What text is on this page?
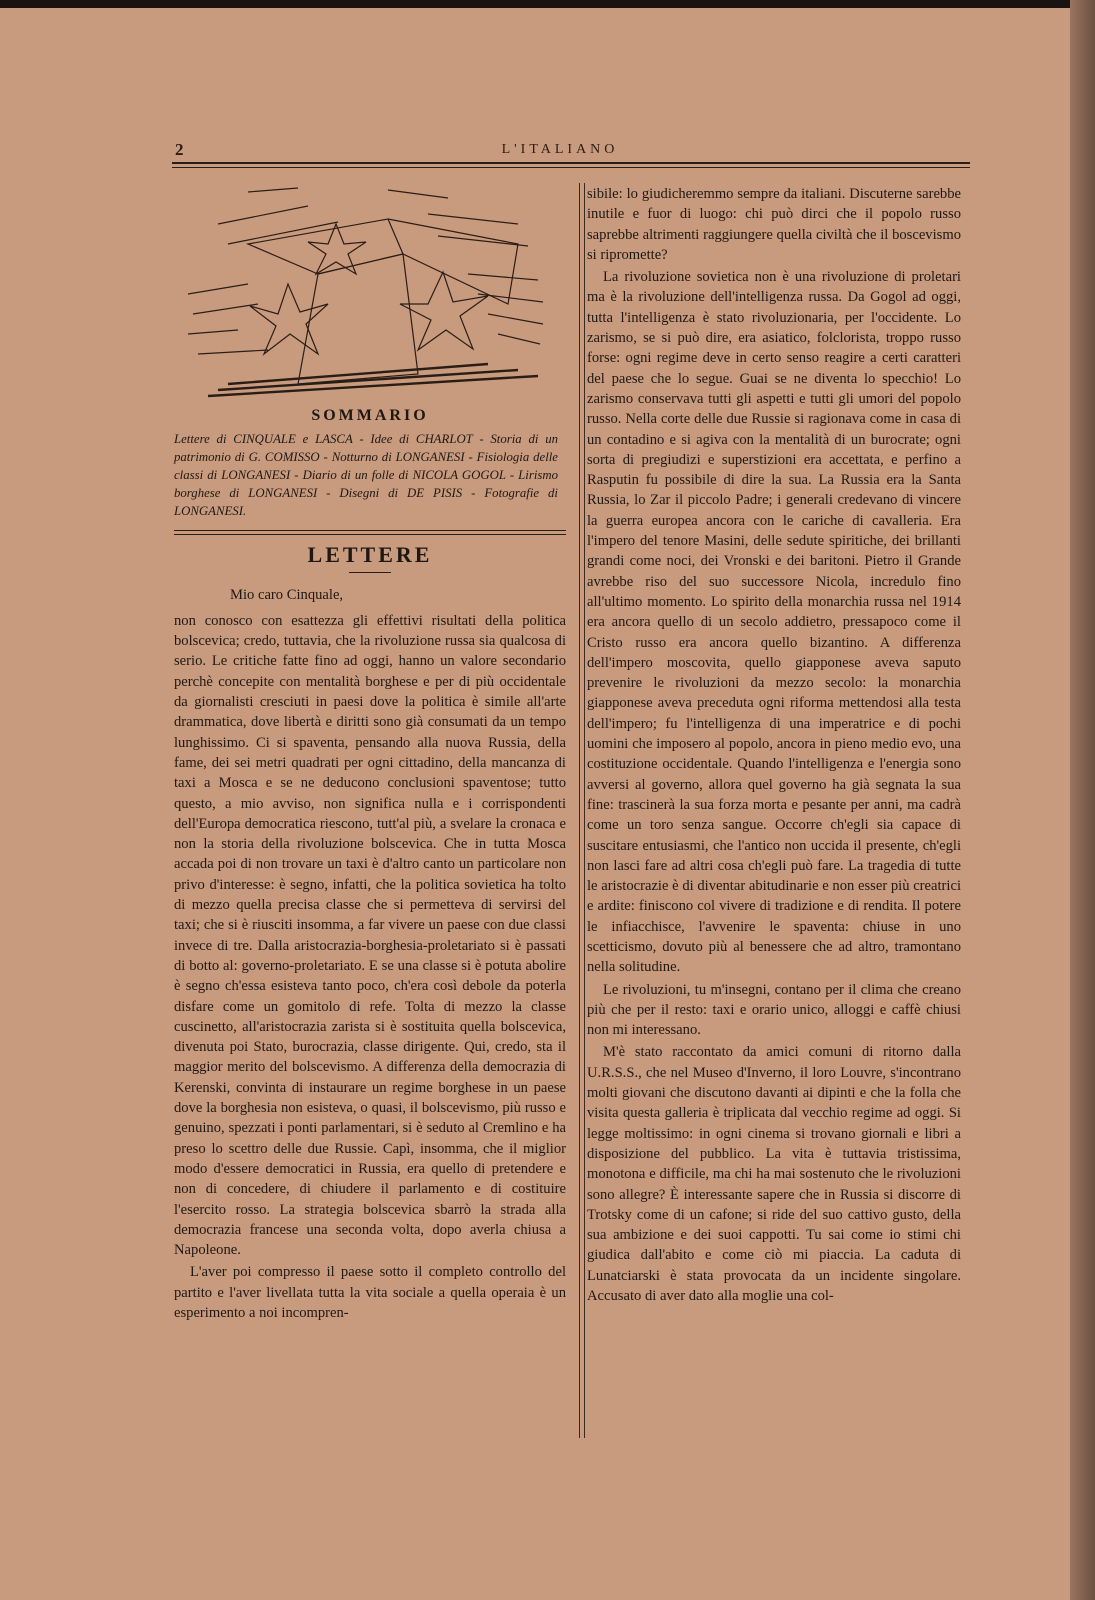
2	L'ITALIANO
SOMMARIO
Lettere di CINQUALE e LASCA - Idee di CHARLOT - Storia di un patrimonio di G. COMISSO - Notturno di LONGANESI - Fisiologia delle classi di LONGANESI - Diario di un folle di NICOLA GOGOL - Lirismo borghese di LONGANESI - Disegni di DE PISIS - Fotografie di LONGANESI.
LETTERE

Mio caro Cinquale,

non conosco con esattezza gli effettivi risultati della politica bolscevica; credo, tuttavia, che la rivoluzione russa sia qualcosa di serio. Le critiche fatte fino ad oggi, hanno un valore secondario perchè concepite con mentalità borghese e per di più occidentale da giornalisti cresciuti in paesi dove la politica è simile all'arte drammatica, dove libertà e diritti sono già consumati da un tempo lunghissimo. Ci si spaventa, pensando alla nuova Russia, della fame, dei sei metri quadrati per ogni cittadino, della mancanza di taxi a Mosca e se ne deducono conclusioni spaventose; tutto questo, a mio avviso, non significa nulla e i corrispondenti dell'Europa democratica riescono, tutt'al più, a svelare la cronaca e non la storia della rivoluzione bolscevica. Che in tutta Mosca accada poi di non trovare un taxi è d'altro canto un particolare non privo d'interesse: è segno, infatti, che la politica sovietica ha tolto di mezzo quella precisa classe che si permetteva di servirsi del taxi; che si è riusciti insomma, a far vivere un paese con due classi invece di tre. Dalla aristocrazia-borghesia-proletariato si è passati di botto al: governo-proletariato. E se una classe si è potuta abolire è segno ch'essa esisteva tanto poco, ch'era così debole da poterla disfare come un gomitolo di refe. Tolta di mezzo la classe cuscinetto, all'aristocrazia zarista si è sostituita quella bolscevica, divenuta poi Stato, burocrazia, classe dirigente. Qui, credo, sta il maggior merito del bolscevismo. A differenza della democrazia di Kerenski, convinta di instaurare un regime borghese in un paese dove la borghesia non esisteva, o quasi, il bolscevismo, più russo e genuino, spezzati i ponti parlamentari, si è seduto al Cremlino e ha preso lo scettro delle due Russie. Capì, insomma, che il miglior modo d'essere democratici in Russia, era quello di pretendere e non di concedere, di chiudere il parlamento e di costituire l'esercito rosso. La strategia bolscevica sbarrò la strada alla democrazia francese una seconda volta, dopo averla chiusa a Napoleone.

L'aver poi compresso il paese sotto il completo controllo del partito e l'aver livellata tutta la vita sociale a quella operaia è un esperimento a noi incompren-

sibile: lo giudicheremmo sempre da italiani. Discuterne sarebbe inutile e fuor di luogo: chi può dirci che il popolo russo saprebbe altrimenti raggiungere quella civiltà che il boscevismo si ripromette?

La rivoluzione sovietica non è una rivoluzione di proletari ma è la rivoluzione dell'intelligenza russa. Da Gogol ad oggi, tutta l'intelligenza è stato rivoluzionaria, per l'occidente. Lo zarismo, se si può dire, era asiatico, folclorista, troppo russo forse: ogni regime deve in certo senso reagire a certi caratteri del paese che lo segue. Guai se ne diventa lo specchio! Lo zarismo conservava tutti gli aspetti e tutti gli umori del popolo russo. Nella corte delle due Russie si ragionava come in casa di un contadino e si agiva con la mentalità di un burocrate; ogni sorta di pregiudizi e superstizioni era accettata, e perfino a Rasputin fu possibile di dire la sua. La Russia era la Santa Russia, lo Zar il piccolo Padre; i generali credevano di vincere la guerra europea ancora con le cariche di cavalleria. Era l'impero del tenore Masini, delle sedute spiritiche, dei brillanti grandi come noci, dei Vronski e dei baritoni. Pietro il Grande avrebbe riso del suo successore Nicola, incredulo fino all'ultimo momento. Lo spirito della monarchia russa nel 1914 era ancora quello di un secolo addietro, pressapoco come il Cristo russo era ancora quello bizantino. A differenza dell'impero moscovita, quello giapponese aveva saputo prevenire le rivoluzioni da mezzo secolo: la monarchia giapponese aveva preceduta ogni riforma mettendosi alla testa dell'impero; fu l'intelligenza di una imperatrice e di pochi uomini che imposero al popolo, ancora in pieno medio evo, una costituzione occidentale. Quando l'intelligenza e l'energia sono avversi al governo, allora quel governo ha già segnata la sua fine: trascinerà la sua forza morta e pesante per anni, ma cadrà come un toro senza sangue. Occorre ch'egli sia capace di suscitare entusiasmi, che l'antico non uccida il presente, ch'egli non lasci fare ad altri cosa ch'egli può fare. La tragedia di tutte le aristocrazie è di diventar abitudinarie e non esser più creatrici e ardite: finiscono col vivere di tradizione e di rendita. Il potere le infiacchisce, l'avvenire le spaventa: chiuse in uno scetticismo, dovuto più al benessere che ad altro, tramontano nella solitudine.

Le rivoluzioni, tu m'insegni, contano per il clima che creano più che per il resto: taxi e orario unico, alloggi e caffè chiusi non mi interessano.

M'è stato raccontato da amici comuni di ritorno dalla U.R.S.S., che nel Museo d'Inverno, il loro Louvre, s'incontrano molti giovani che discutono davanti ai dipinti e che la folla che visita questa galleria è triplicata dal vecchio regime ad oggi. Si legge moltissimo: in ogni cinema si trovano giornali e libri a disposizione del pubblico. La vita è tuttavia tristissima, monotona e difficile, ma chi ha mai sostenuto che le rivoluzioni sono allegre? È interessante sapere che in Russia si discorre di Trotsky come di un cafone; si ride del suo cattivo gusto, della sua ambizione e dei suoi cappotti. Tu sai come io stimi chi giudica dall'abito e come ciò mi piaccia. La caduta di Lunatciarski è stata provocata da un incidente singolare. Accusato di aver dato alla moglie una col-
